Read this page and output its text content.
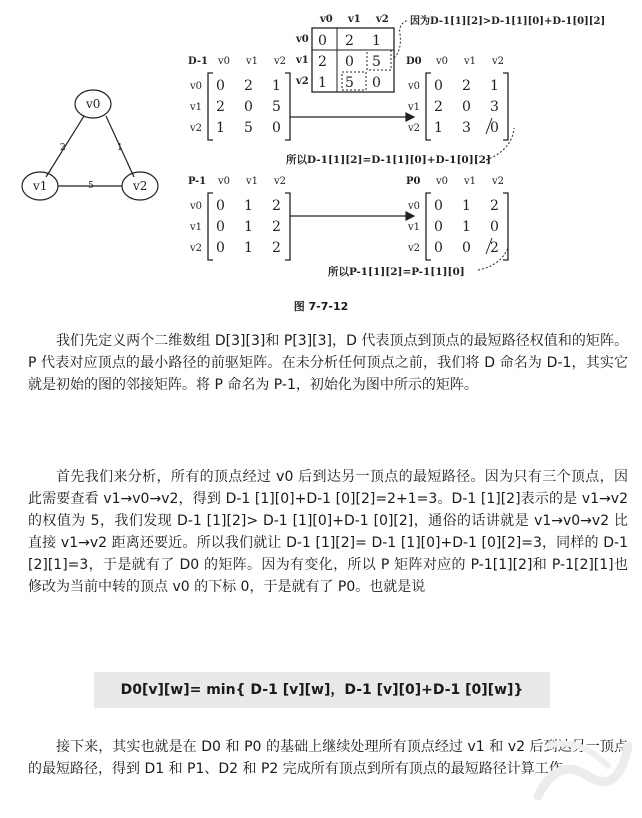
v0
v1	v2
2	1
5
v0 v1 v2
v0
v1
v2
0 2 1
2 0 5
1 5 0
因为D-1[1][2]>D-1[1][0]+D-1[0][2]
D-1 v0 v1 v2
v0
v1
v2
0 2 1
2 0 5
1 5 0
D0 v0 v1 v2
v0
v1
v2
0 2 1
2 0 3
1 3 0
P-1 v0 v1 v2
v0
v1
v2
0 1 2
0 1 2
0 1 2
P0 v0 v1 v2
v0
v1
v2
0 1 2
0 1 0
0 0 2
所以D-1[1][2]=D-1[1][0]+D-1[0][2]
所以P-1[1][2]=P-1[1][0]
图 7-7-12

我们先定义两个二维数组 D[3][3]和 P[3][3]，D 代表顶点到顶点的最短路径权值和的矩阵。P 代表对应顶点的最小路径的前驱矩阵。在未分析任何顶点之前，我们将 D 命名为 D-1，其实它就是初始的图的邻接矩阵。将 P 命名为 P-1，初始化为图中所示的矩阵。

首先我们来分析，所有的顶点经过 v0 后到达另一顶点的最短路径。因为只有三个顶点，因此需要查看 v1→v0→v2，得到 D-1 [1][0]+D-1 [0][2]=2+1=3。D-1 [1][2]表示的是 v1→v2 的权值为 5，我们发现 D-1 [1][2]> D-1 [1][0]+D-1 [0][2]，通俗的话讲就是 v1→v0→v2 比直接 v1→v2 距离还要近。所以我们就让 D-1 [1][2]= D-1 [1][0]+D-1 [0][2]=3，同样的 D-1 [2][1]=3，于是就有了 D0 的矩阵。因为有变化，所以 P 矩阵对应的 P-1[1][2]和 P-1[2][1]也修改为当前中转的顶点 v0 的下标 0，于是就有了 P0。也就是说

D0[v][w]= min{ D-1 [v][w]，D-1 [v][0]+D-1 [0][w]}

接下来，其实也就是在 D0 和 P0 的基础上继续处理所有顶点经过 v1 和 v2 后到达另一顶点的最短路径，得到 D1 和 P1、D2 和 P2 完成所有顶点到所有顶点的最短路径计算工作。
